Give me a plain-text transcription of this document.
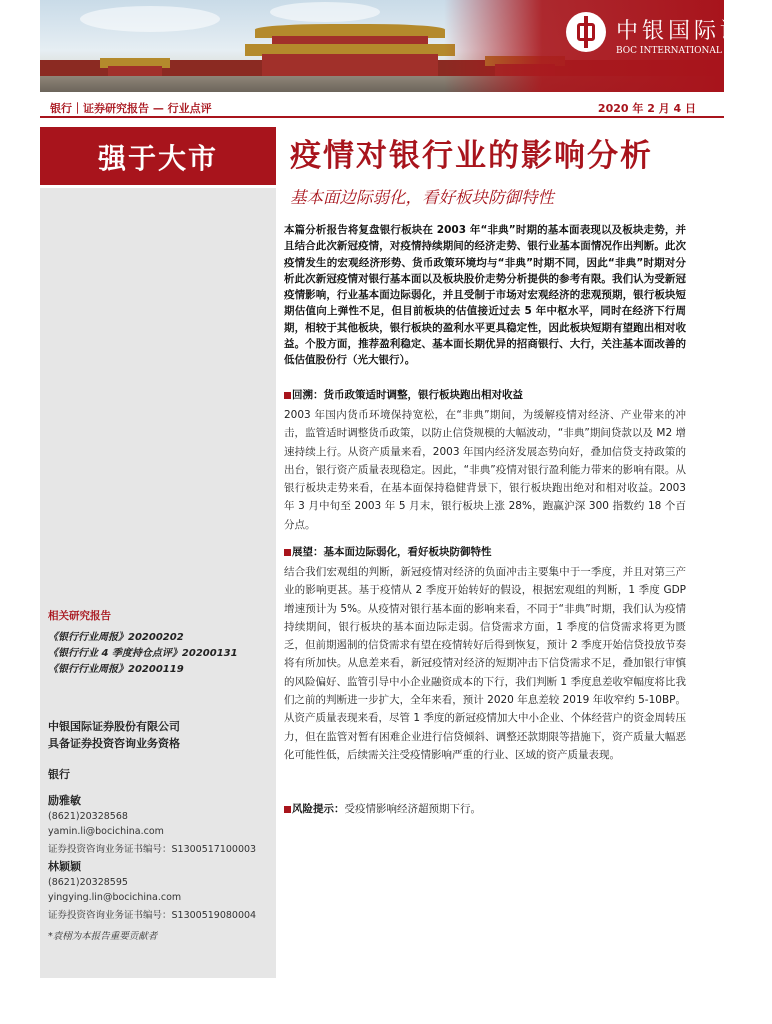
中银国际证券
BOC INTERNATIONAL (CHINA)
银行｜证券研究报告 — 行业点评	2020 年 2 月 4 日
强于大市
相关研究报告
《银行行业周报》20200202
《银行行业 4 季度持仓点评》20200131
《银行行业周报》20200119
中银国际证券股份有限公司
具备证券投资咨询业务资格
银行
励雅敏
(8621)20328568
yamin.li@bocichina.com
证券投资咨询业务证书编号：S1300517100003
林颖颖
(8621)20328595
yingying.lin@bocichina.com
证券投资咨询业务证书编号：S1300519080004
*袁栩为本报告重要贡献者
疫情对银行业的影响分析
基本面边际弱化，看好板块防御特性

本篇分析报告将复盘银行板块在 2003 年“非典”时期的基本面表现以及板块走势，并且结合此次新冠疫情，对疫情持续期间的经济走势、银行业基本面情况作出判断。此次疫情发生的宏观经济形势、货币政策环境均与“非典”时期不同，因此“非典”时期对分析此次新冠疫情对银行基本面以及板块股价走势分析提供的参考有限。我们认为受新冠疫情影响，行业基本面边际弱化，并且受制于市场对宏观经济的悲观预期，银行板块短期估值向上弹性不足，但目前板块的估值接近过去 5 年中枢水平，同时在经济下行周期，相较于其他板块，银行板块的盈利水平更具稳定性，因此板块短期有望跑出相对收益。个股方面，推荐盈利稳定、基本面长期优异的招商银行、大行，关注基本面改善的低估值股份行（光大银行）。

回溯：货币政策适时调整，银行板块跑出相对收益

2003 年国内货币环境保持宽松，在“非典”期间，为缓解疫情对经济、产业带来的冲击，监管适时调整货币政策，以防止信贷规模的大幅波动，“非典”期间贷款以及 M2 增速持续上行。从资产质量来看，2003 年国内经济发展态势向好，叠加信贷支持政策的出台，银行资产质量表现稳定。因此，“非典”疫情对银行盈利能力带来的影响有限。从银行板块走势来看，在基本面保持稳健背景下，银行板块跑出绝对和相对收益。2003 年 3 月中旬至 2003 年 5 月末，银行板块上涨 28%，跑赢沪深 300 指数约 18 个百分点。

展望：基本面边际弱化，看好板块防御特性

结合我们宏观组的判断，新冠疫情对经济的负面冲击主要集中于一季度，并且对第三产业的影响更甚。基于疫情从 2 季度开始转好的假设，根据宏观组的判断，1 季度 GDP 增速预计为 5%。从疫情对银行基本面的影响来看，不同于“非典”时期，我们认为疫情持续期间，银行板块的基本面边际走弱。信贷需求方面，1 季度的信贷需求将更为匮乏，但前期遏制的信贷需求有望在疫情转好后得到恢复，预计 2 季度开始信贷投放节奏将有所加快。从息差来看，新冠疫情对经济的短期冲击下信贷需求不足，叠加银行审慎的风险偏好、监管引导中小企业融资成本的下行，我们判断 1 季度息差收窄幅度将比我们之前的判断进一步扩大，全年来看，预计 2020 年息差较 2019 年收窄约 5-10BP。从资产质量表现来看，尽管 1 季度的新冠疫情加大中小企业、个体经营户的资金周转压力，但在监管对暂有困难企业进行信贷倾斜、调整还款期限等措施下，资产质量大幅恶化可能性低，后续需关注受疫情影响严重的行业、区域的资产质量表现。

风险提示：受疫情影响经济超预期下行。
